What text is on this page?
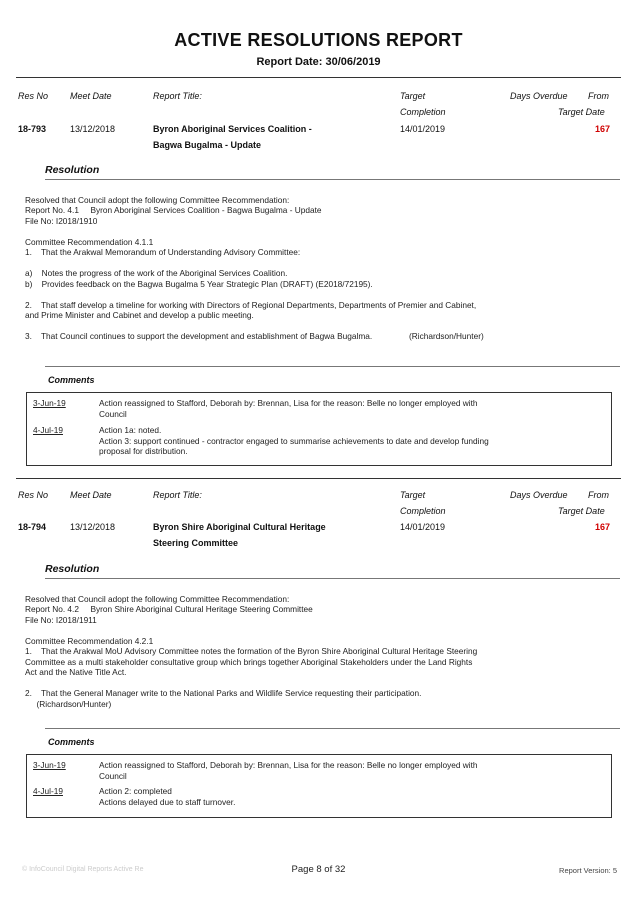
ACTIVE RESOLUTIONS REPORT
Report Date: 30/06/2019
Res No Meet Date	Report Title:	Target
Completion
Days Overdue From
Target Date
18-793	13/12/2018	Byron Aboriginal Services Coalition -
Bagwa Bugalma - Update
14/01/2019	167
Resolution

Resolved that Council adopt the following Committee Recommendation:
Report No. 4.1     Byron Aboriginal Services Coalition - Bagwa Bugalma - Update
File No: I2018/1910
Committee Recommendation 4.1.1
1.    That the Arakwal Memorandum of Understanding Advisory Committee:
a)    Notes the progress of the work of the Aboriginal Services Coalition.
b)    Provides feedback on the Bagwa Bugalma 5 Year Strategic Plan (DRAFT) (E2018/72195).
2.    That staff develop a timeline for working with Directors of Regional Departments, Departments of Premier and Cabinet,
and Prime Minister and Cabinet and develop a public meeting.
3.    That Council continues to support the development and establishment of Bagwa Bugalma.                (Richardson/Hunter)

Comments
3-Jun-19	Action reassigned to Stafford, Deborah by: Brennan, Lisa for the reason: Belle no longer employed with
Council
4-Jul-19	Action 1a: noted.
Action 3: support continued - contractor engaged to summarise achievements to date and develop funding
proposal for distribution.
Res No Meet Date	Report Title:	Target
Completion
Days Overdue From
Target Date
18-794	13/12/2018	Byron Shire Aboriginal Cultural Heritage
Steering Committee
14/01/2019	167
Resolution

Resolved that Council adopt the following Committee Recommendation:
Report No. 4.2     Byron Shire Aboriginal Cultural Heritage Steering Committee
File No: I2018/1911
Committee Recommendation 4.2.1
1.    That the Arakwal MoU Advisory Committee notes the formation of the Byron Shire Aboriginal Cultural Heritage Steering
Committee as a multi stakeholder consultative group which brings together Aboriginal Stakeholders under the Land Rights
Act and the Native Title Act.
2.    That the General Manager write to the National Parks and Wildlife Service requesting their participation.
(Richardson/Hunter)

Comments
3-Jun-19	Action reassigned to Stafford, Deborah by: Brennan, Lisa for the reason: Belle no longer employed with
Council
4-Jul-19	Action 2: completed
Actions delayed due to staff turnover.
© InfoCouncil Digital Reports Active Re	Page 8 of 32	Report Version: 5
